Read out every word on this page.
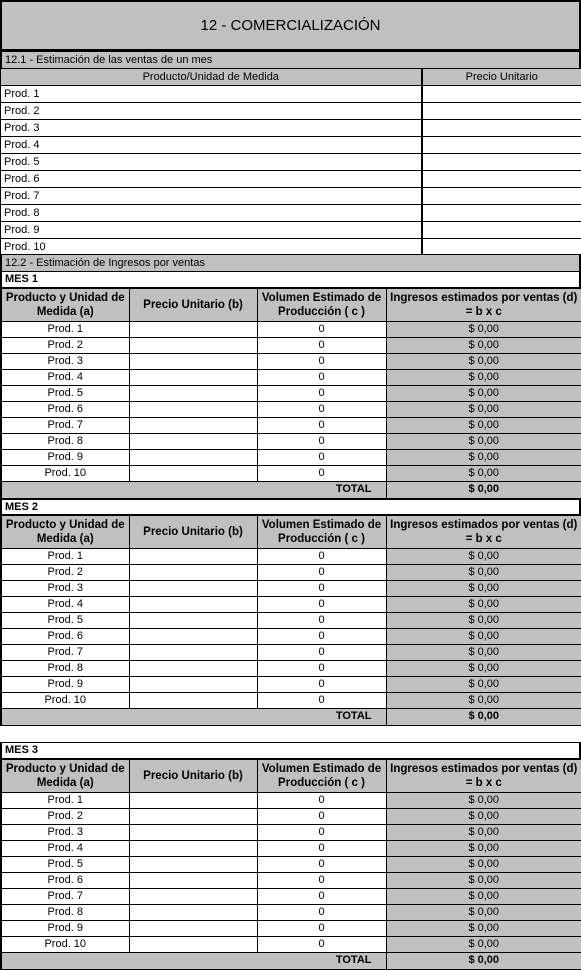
12 - COMERCIALIZACIÓN
12.1 - Estimación de las ventas de un mes
Producto/Unidad de Medida	Precio Unitario
Prod. 1	
Prod. 2	
Prod. 3	
Prod. 4	
Prod. 5	
Prod. 6	
Prod. 7	
Prod. 8	
Prod. 9	
Prod. 10	
12.2 - Estimación de Ingresos por ventas
MES 1
Producto y Unidad de Medida (a)	Precio Unitario (b)	Volumen Estimado de Producción ( c )	Ingresos estimados por ventas (d) = b x c
Prod. 1		0	$ 0,00
Prod. 2		0	$ 0,00
Prod. 3		0	$ 0,00
Prod. 4		0	$ 0,00
Prod. 5		0	$ 0,00
Prod. 6		0	$ 0,00
Prod. 7		0	$ 0,00
Prod. 8		0	$ 0,00
Prod. 9		0	$ 0,00
Prod. 10		0	$ 0,00
TOTAL			$ 0,00
MES 2
Producto y Unidad de Medida (a)	Precio Unitario (b)	Volumen Estimado de Producción ( c )	Ingresos estimados por ventas (d) = b x c
Prod. 1		0	$ 0,00
Prod. 2		0	$ 0,00
Prod. 3		0	$ 0,00
Prod. 4		0	$ 0,00
Prod. 5		0	$ 0,00
Prod. 6		0	$ 0,00
Prod. 7		0	$ 0,00
Prod. 8		0	$ 0,00
Prod. 9		0	$ 0,00
Prod. 10		0	$ 0,00
TOTAL			$ 0,00
MES 3
Producto y Unidad de Medida (a)	Precio Unitario (b)	Volumen Estimado de Producción ( c )	Ingresos estimados por ventas (d) = b x c
Prod. 1		0	$ 0,00
Prod. 2		0	$ 0,00
Prod. 3		0	$ 0,00
Prod. 4		0	$ 0,00
Prod. 5		0	$ 0,00
Prod. 6		0	$ 0,00
Prod. 7		0	$ 0,00
Prod. 8		0	$ 0,00
Prod. 9		0	$ 0,00
Prod. 10		0	$ 0,00
TOTAL			$ 0,00
